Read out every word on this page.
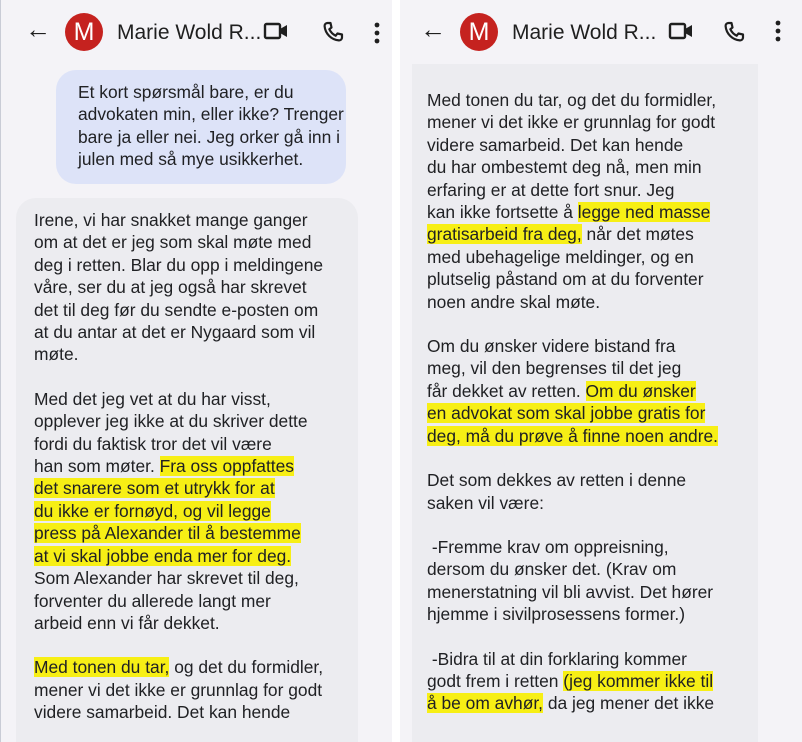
← M	Marie Wold R...

Et kort spørsmål bare, er du

advokaten min, eller ikke? Trenger

bare ja eller nei. Jeg orker gå inn i

julen med så mye usikkerhet.

Irene, vi har snakket mange ganger

om at det er jeg som skal møte med

deg i retten. Blar du opp i meldingene

våre, ser du at jeg også har skrevet

det til deg før du sendte e-posten om

at du antar at det er Nygaard som vil

møte.

Med det jeg vet at du har visst,

opplever jeg ikke at du skriver dette

fordi du faktisk tror det vil være

han som møter. Fra oss oppfattes

det snarere som et utrykk for at

du ikke er fornøyd, og vil legge

press på Alexander til å bestemme

at vi skal jobbe enda mer for deg.

Som Alexander har skrevet til deg,

forventer du allerede langt mer

arbeid enn vi får dekket.

Med tonen du tar, og det du formidler,

mener vi det ikke er grunnlag for godt

videre samarbeid. Det kan hende

← M	Marie Wold R...

Med tonen du tar, og det du formidler,

mener vi det ikke er grunnlag for godt

videre samarbeid. Det kan hende

du har ombestemt deg nå, men min

erfaring er at dette fort snur. Jeg

kan ikke fortsette å legge ned masse

gratisarbeid fra deg, når det møtes

med ubehagelige meldinger, og en

plutselig påstand om at du forventer

noen andre skal møte.

Om du ønsker videre bistand fra

meg, vil den begrenses til det jeg

får dekket av retten. Om du ønsker

en advokat som skal jobbe gratis for

deg, må du prøve å finne noen andre.

Det som dekkes av retten i denne

saken vil være:

-Fremme krav om oppreisning,

dersom du ønsker det. (Krav om

menerstatning vil bli avvist. Det hører

hjemme i sivilprosessens former.)

-Bidra til at din forklaring kommer

godt frem i retten (jeg kommer ikke til

å be om avhør, da jeg mener det ikke
